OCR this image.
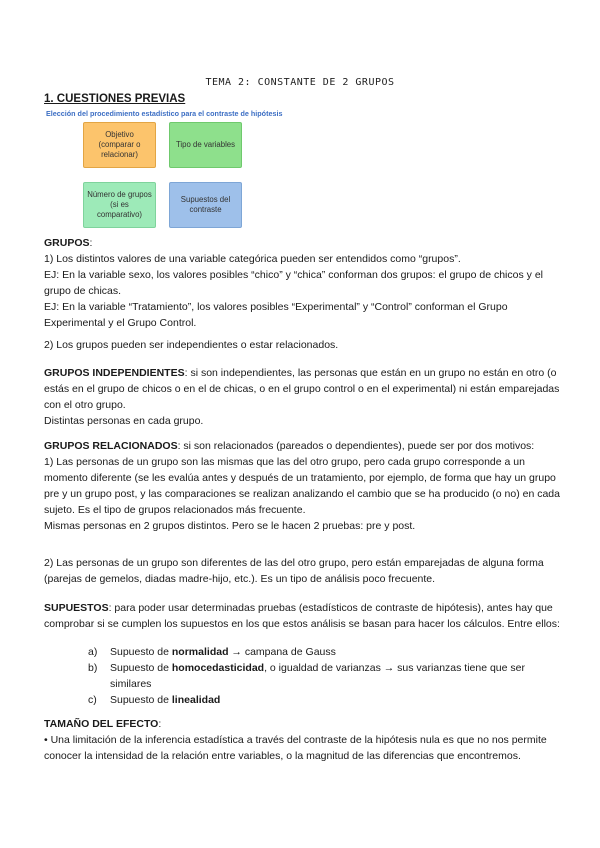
TEMA 2: CONSTANTE DE 2 GRUPOS
1. CUESTIONES PREVIAS
Elección del procedimiento estadístico para el contraste de hipótesis
Objetivo (comparar o relacionar)
Tipo de variables
Número de grupos (si es comparativo)
Supuestos del contraste

GRUPOS:

1) Los distintos valores de una variable categórica pueden ser entendidos como “grupos”.

EJ: En la variable sexo, los valores posibles “chico” y “chica” conforman dos grupos: el grupo de chicos y el grupo de chicas.

EJ: En la variable “Tratamiento”, los valores posibles “Experimental” y “Control” conforman el Grupo Experimental y el Grupo Control.

2) Los grupos pueden ser independientes o estar relacionados.

GRUPOS INDEPENDIENTES: si son independientes, las personas que están en un grupo no están en otro (o estás en el grupo de chicos o en el de chicas, o en el grupo control o en el experimental) ni están emparejadas con el otro grupo.

Distintas personas en cada grupo.

GRUPOS RELACIONADOS: si son relacionados (pareados o dependientes), puede ser por dos motivos:

1) Las personas de un grupo son las mismas que las del otro grupo, pero cada grupo corresponde a un momento diferente (se les evalúa antes y después de un tratamiento, por ejemplo, de forma que hay un grupo pre y un grupo post, y las comparaciones se realizan analizando el cambio que se ha producido (o no) en cada sujeto. Es el tipo de grupos relacionados más frecuente.

Mismas personas en 2 grupos distintos. Pero se le hacen 2 pruebas: pre y post.

2) Las personas de un grupo son diferentes de las del otro grupo, pero están emparejadas de alguna forma (parejas de gemelos, diadas madre-hijo, etc.). Es un tipo de análisis poco frecuente.

SUPUESTOS: para poder usar determinadas pruebas (estadísticos de contraste de hipótesis), antes hay que comprobar si se cumplen los supuestos en los que estos análisis se basan para hacer los cálculos. Entre ellos:

a)	Supuesto de normalidad → campana de Gauss
b)	Supuesto de homocedasticidad, o igualdad de varianzas → sus varianzas tiene que ser similares
c)	Supuesto de linealidad

TAMAÑO DEL EFECTO:

• Una limitación de la inferencia estadística a través del contraste de la hipótesis nula es que no nos permite conocer la intensidad de la relación entre variables, o la magnitud de las diferencias que encontremos.
